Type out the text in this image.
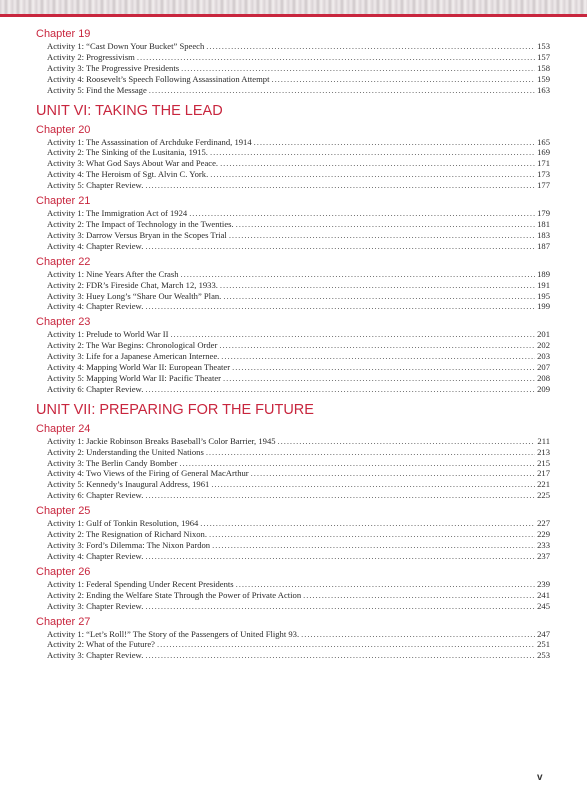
Chapter 19
Activity 1: “Cast Down Your Bucket” Speech . . .	153
Activity 2: Progressivism . . .	157
Activity 3: The Progressive Presidents . . .	158
Activity 4: Roosevelt’s Speech Following Assassination Attempt . . .	159
Activity 5: Find the Message . . .	163
UNIT VI: TAKING THE LEAD
Chapter 20
Activity 1: The Assassination of Archduke Ferdinand, 1914 . . .	165
Activity 2: The Sinking of the Lusitania, 1915. . . .	169
Activity 3: What God Says About War and Peace. . . .	171
Activity 4: The Heroism of Sgt. Alvin C. York. . . .	173
Activity 5: Chapter Review. . . .	177
Chapter 21
Activity 1: The Immigration Act of 1924 . . .	179
Activity 2: The Impact of Technology in the Twenties. . . .	181
Activity 3: Darrow Versus Bryan in the Scopes Trial . . .	183
Activity 4: Chapter Review. . . .	187
Chapter 22
Activity 1: Nine Years After the Crash . . .	189
Activity 2: FDR’s Fireside Chat, March 12, 1933. . . .	191
Activity 3: Huey Long’s “Share Our Wealth” Plan. . . .	195
Activity 4: Chapter Review. . . .	199
Chapter 23
Activity 1: Prelude to World War II . . .	201
Activity 2: The War Begins: Chronological Order . . .	202
Activity 3: Life for a Japanese American Internee. . . .	203
Activity 4: Mapping World War II: European Theater . . .	207
Activity 5: Mapping World War II: Pacific Theater . . .	208
Activity 6: Chapter Review. . . .	209
UNIT VII: PREPARING FOR THE FUTURE
Chapter 24
Activity 1: Jackie Robinson Breaks Baseball’s Color Barrier, 1945 . . .	211
Activity 2: Understanding the United Nations . . .	213
Activity 3: The Berlin Candy Bomber . . .	215
Activity 4: Two Views of the Firing of General MacArthur . . .	217
Activity 5: Kennedy’s Inaugural Address, 1961 . . .	221
Activity 6: Chapter Review. . . .	225
Chapter 25
Activity 1: Gulf of Tonkin Resolution, 1964 . . .	227
Activity 2: The Resignation of Richard Nixon. . . .	229
Activity 3: Ford’s Dilemma: The Nixon Pardon . . .	233
Activity 4: Chapter Review. . . .	237
Chapter 26
Activity 1: Federal Spending Under Recent Presidents . . .	239
Activity 2: Ending the Welfare State Through the Power of Private Action . . .	241
Activity 3: Chapter Review. . . .	245
Chapter 27
Activity 1: “Let’s Roll!” The Story of the Passengers of United Flight 93. . . .	247
Activity 2: What of the Future? . . .	251
Activity 3: Chapter Review. . . .	253
v
